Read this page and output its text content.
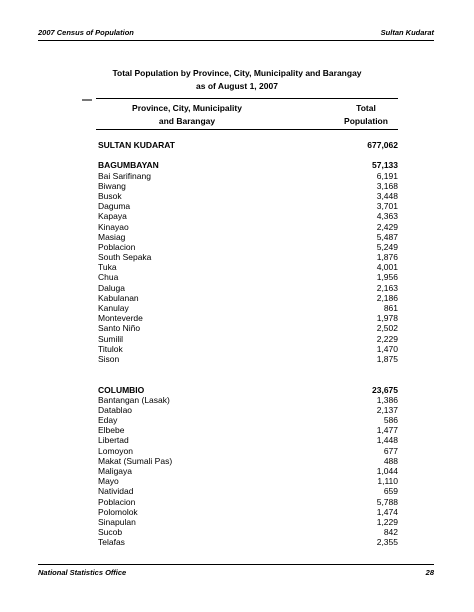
2007 Census of Population	Sultan Kudarat
Total Population by Province, City, Municipality and Barangay
as of August 1, 2007
Province, City, Municipality
and Barangay
Total
Population
SULTAN KUDARAT	677,062
BAGUMBAYAN	57,133
Bai Sarifinang	6,191
Biwang	3,168
Busok	3,448
Daguma	3,701
Kapaya	4,363
Kinayao	2,429
Masiag	5,487
Poblacion	5,249
South Sepaka	1,876
Tuka	4,001
Chua	1,956
Daluga	2,163
Kabulanan	2,186
Kanulay	861
Monteverde	1,978
Santo Niño	2,502
Sumilil	2,229
Titulok	1,470
Sison	1,875
COLUMBIO	23,675
Bantangan (Lasak)	1,386
Datablao	2,137
Eday	586
Elbebe	1,477
Libertad	1,448
Lomoyon	677
Makat (Sumali Pas)	488
Maligaya	1,044
Mayo	1,110
Natividad	659
Poblacion	5,788
Polomolok	1,474
Sinapulan	1,229
Sucob	842
Telafas	2,355
National Statistics Office	28
